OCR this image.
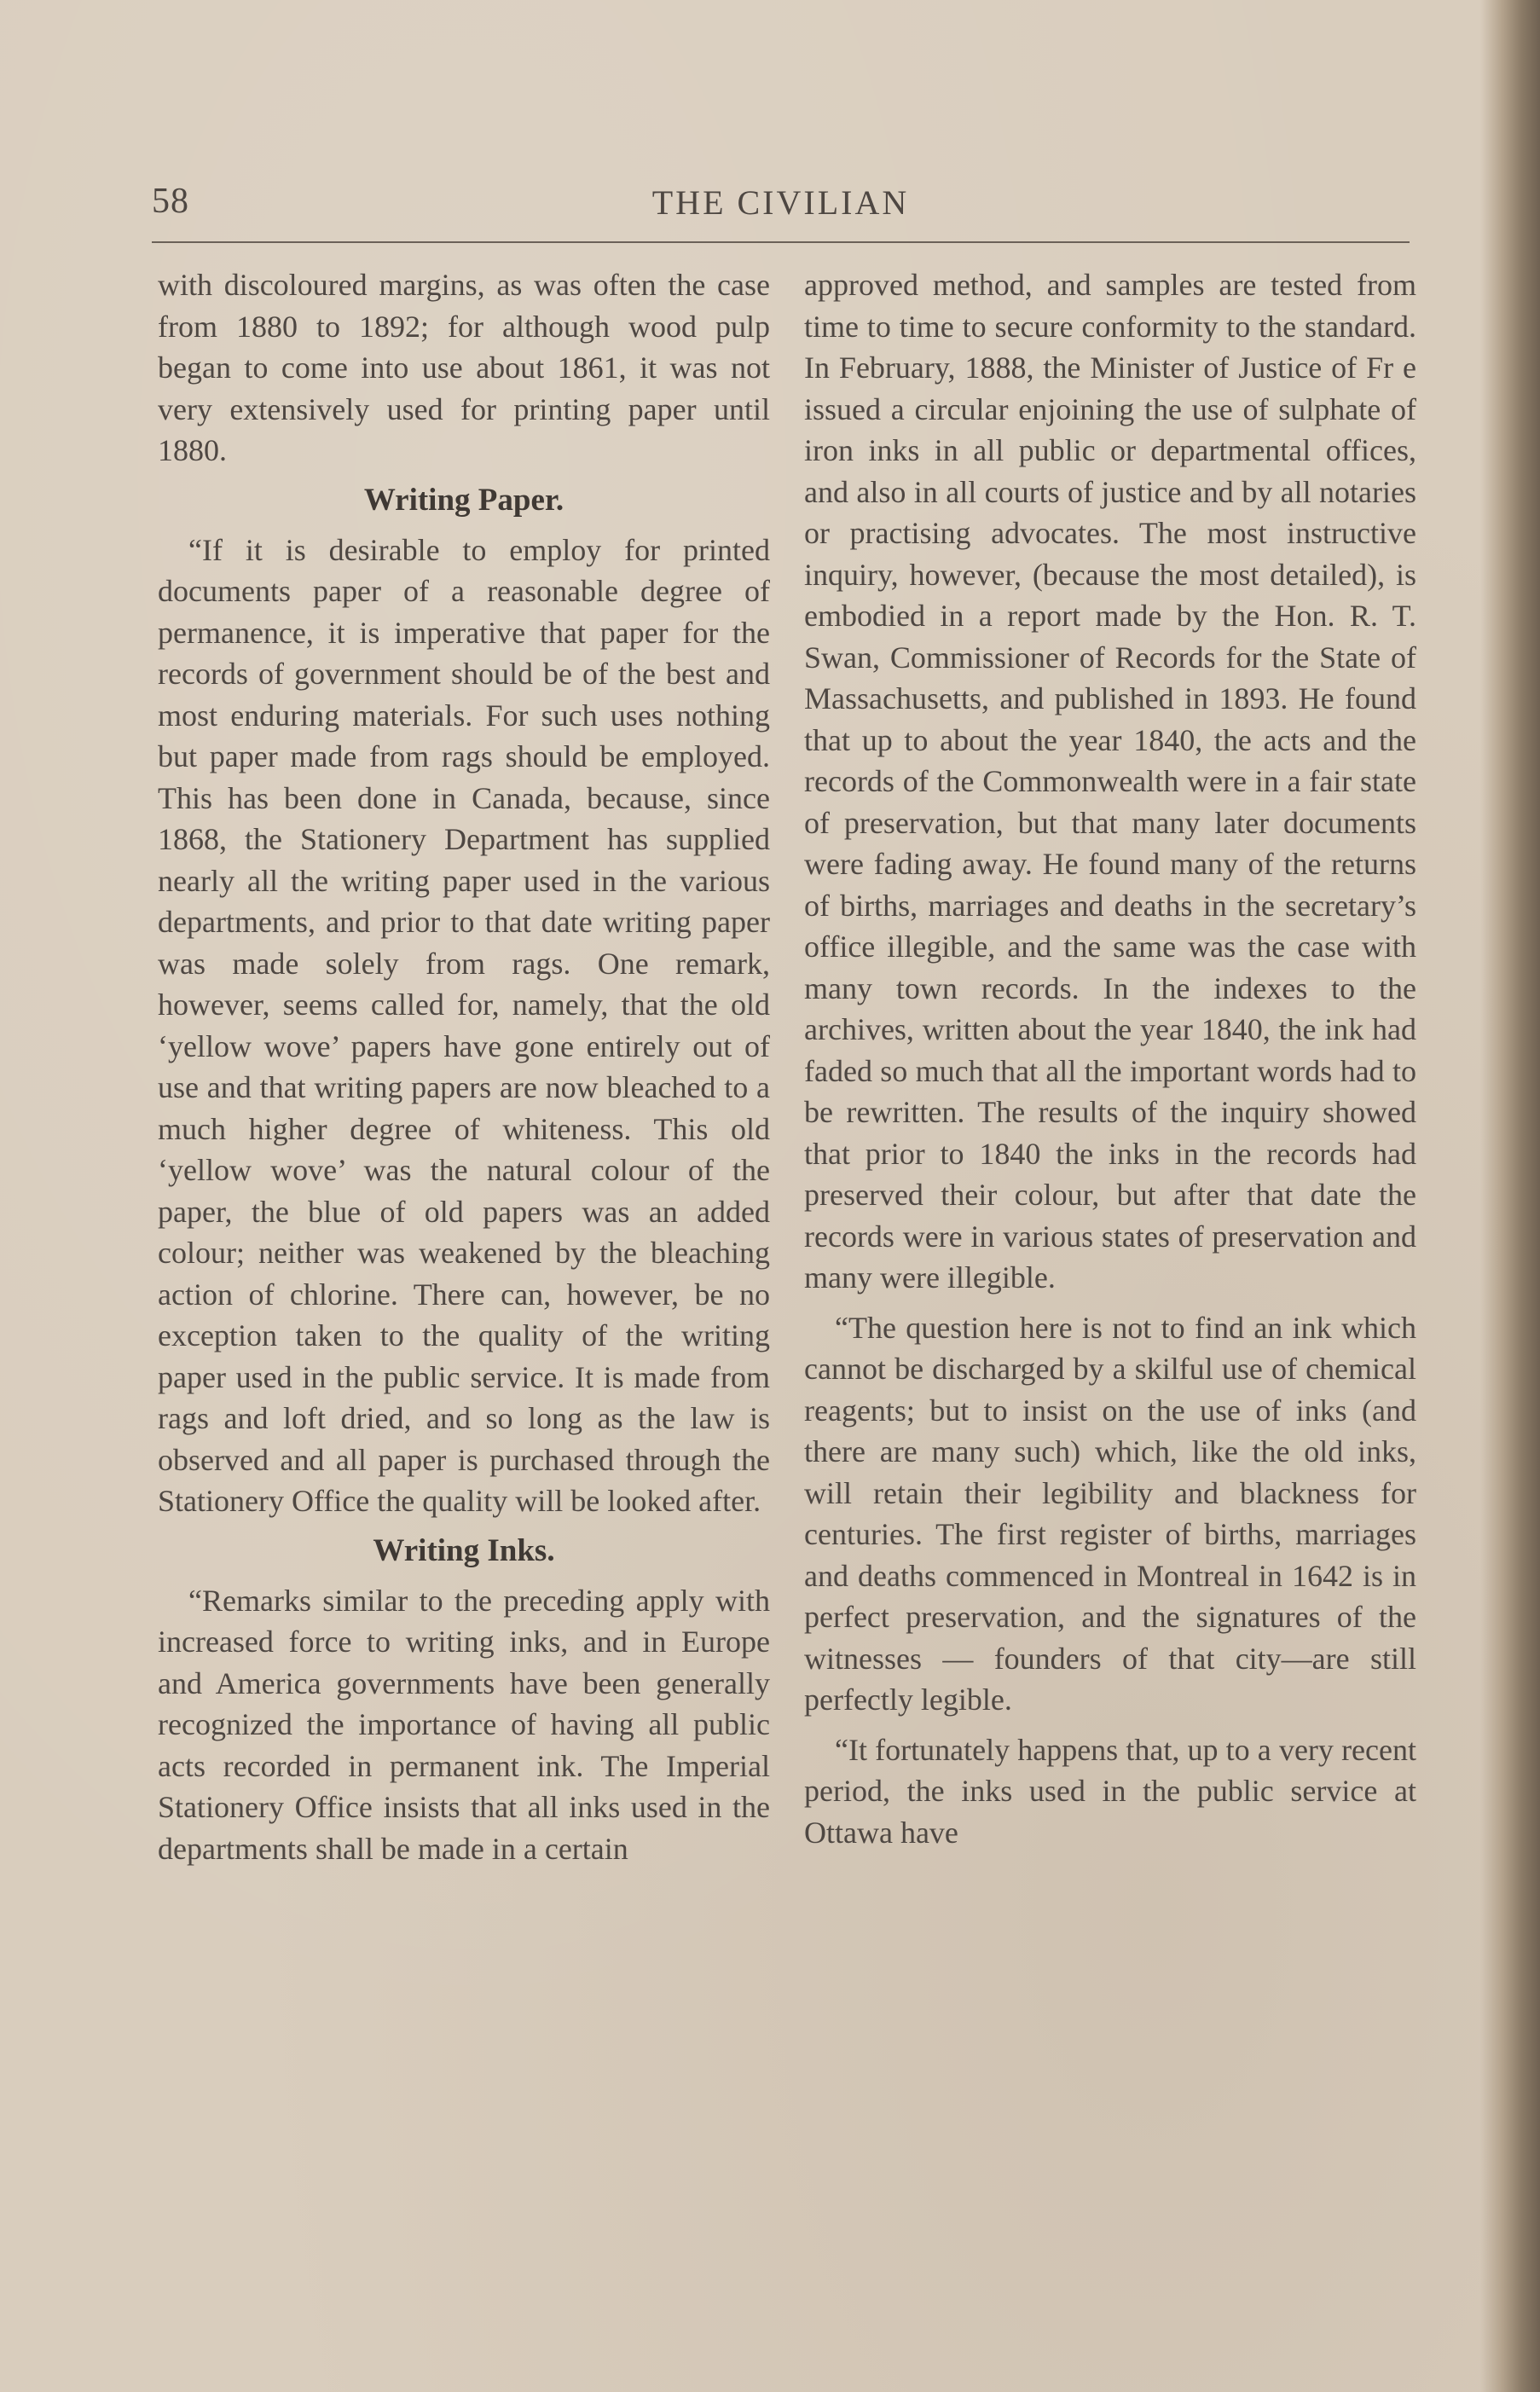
58	THE CIVILIAN

with discoloured margins, as was often the case from 1880 to 1892; for although wood pulp began to come into use about 1861, it was not very extensively used for printing paper until 1880.

Writing Paper.

“If it is desirable to employ for printed documents paper of a reasonable degree of permanence, it is imperative that paper for the records of government should be of the best and most enduring materials. For such uses nothing but paper made from rags should be employed. This has been done in Canada, because, since 1868, the Stationery Department has supplied nearly all the writing paper used in the various departments, and prior to that date writing paper was made solely from rags. One remark, however, seems called for, namely, that the old ‘yellow wove’ papers have gone entirely out of use and that writing papers are now bleached to a much higher degree of whiteness. This old ‘yellow wove’ was the natural colour of the paper, the blue of old papers was an added colour; neither was weakened by the bleaching action of chlorine. There can, however, be no exception taken to the quality of the writing paper used in the public service. It is made from rags and loft dried, and so long as the law is observed and all paper is purchased through the Stationery Office the quality will be looked after.

Writing Inks.

“Remarks similar to the preceding apply with increased force to writing inks, and in Europe and America governments have been generally recognized the importance of having all public acts recorded in permanent ink. The Imperial Stationery Office insists that all inks used in the departments shall be made in a certain

approved method, and samples are tested from time to time to secure conformity to the standard. In February, 1888, the Minister of Justice of Fr e issued a circular enjoining the use of sulphate of iron inks in all public or departmental offices, and also in all courts of justice and by all notaries or practising advocates. The most instructive inquiry, however, (because the most detailed), is embodied in a report made by the Hon. R. T. Swan, Commissioner of Records for the State of Massachusetts, and published in 1893. He found that up to about the year 1840, the acts and the records of the Commonwealth were in a fair state of preservation, but that many later documents were fading away. He found many of the returns of births, marriages and deaths in the secretary’s office illegible, and the same was the case with many town records. In the indexes to the archives, written about the year 1840, the ink had faded so much that all the important words had to be rewritten. The results of the inquiry showed that prior to 1840 the inks in the records had preserved their colour, but after that date the records were in various states of preservation and many were illegible.

“The question here is not to find an ink which cannot be discharged by a skilful use of chemical reagents; but to insist on the use of inks (and there are many such) which, like the old inks, will retain their legibility and blackness for centuries. The first register of births, marriages and deaths commenced in Montreal in 1642 is in perfect preservation, and the signatures of the witnesses — founders of that city—are still perfectly legible.

“It fortunately happens that, up to a very recent period, the inks used in the public service at Ottawa have
